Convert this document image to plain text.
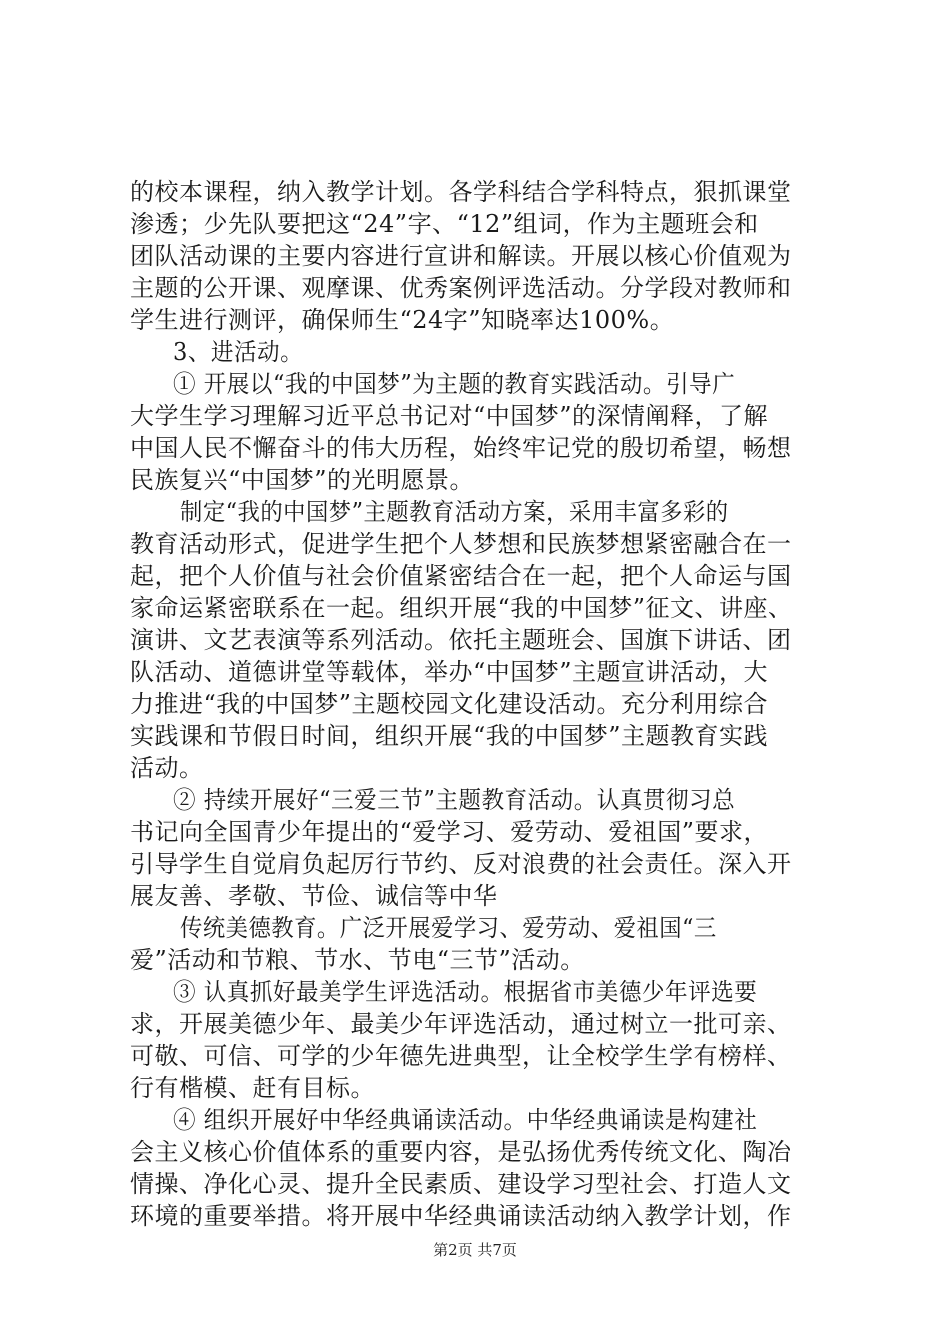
的校本课程，纳入教学计划。各学科结合学科特点，狠抓课堂
渗透；少先队要把这“24”字、“12”组词，作为主题班会和
团队活动课的主要内容进行宣讲和解读。开展以核心价值观为
主题的公开课、观摩课、优秀案例评选活动。分学段对教师和
学生进行测评，确保师生“24字”知晓率达100%。
3、进活动。
① 开展以“我的中国梦”为主题的教育实践活动。引导广
大学生学习理解习近平总书记对“中国梦”的深情阐释，了解
中国人民不懈奋斗的伟大历程，始终牢记党的殷切希望，畅想
民族复兴“中国梦”的光明愿景。
制定“我的中国梦”主题教育活动方案，采用丰富多彩的
教育活动形式，促进学生把个人梦想和民族梦想紧密融合在一
起，把个人价值与社会价值紧密结合在一起，把个人命运与国
家命运紧密联系在一起。组织开展“我的中国梦”征文、讲座、
演讲、文艺表演等系列活动。依托主题班会、国旗下讲话、团
队活动、道德讲堂等载体，举办“中国梦”主题宣讲活动，大
力推进“我的中国梦”主题校园文化建设活动。充分利用综合
实践课和节假日时间，组织开展“我的中国梦”主题教育实践
活动。
② 持续开展好“三爱三节”主题教育活动。认真贯彻习总
书记向全国青少年提出的“爱学习、爱劳动、爱祖国”要求，
引导学生自觉肩负起厉行节约、反对浪费的社会责任。深入开
展友善、孝敬、节俭、诚信等中华
传统美德教育。广泛开展爱学习、爱劳动、爱祖国“三
爱”活动和节粮、节水、节电“三节”活动。
③ 认真抓好最美学生评选活动。根据省市美德少年评选要
求，开展美德少年、最美少年评选活动，通过树立一批可亲、
可敬、可信、可学的少年德先进典型，让全校学生学有榜样、
行有楷模、赶有目标。
④ 组织开展好中华经典诵读活动。中华经典诵读是构建社
会主义核心价值体系的重要内容，是弘扬优秀传统文化、陶冶
情操、净化心灵、提升全民素质、建设学习型社会、打造人文
环境的重要举措。将开展中华经典诵读活动纳入教学计划，作
第2页 共7页
